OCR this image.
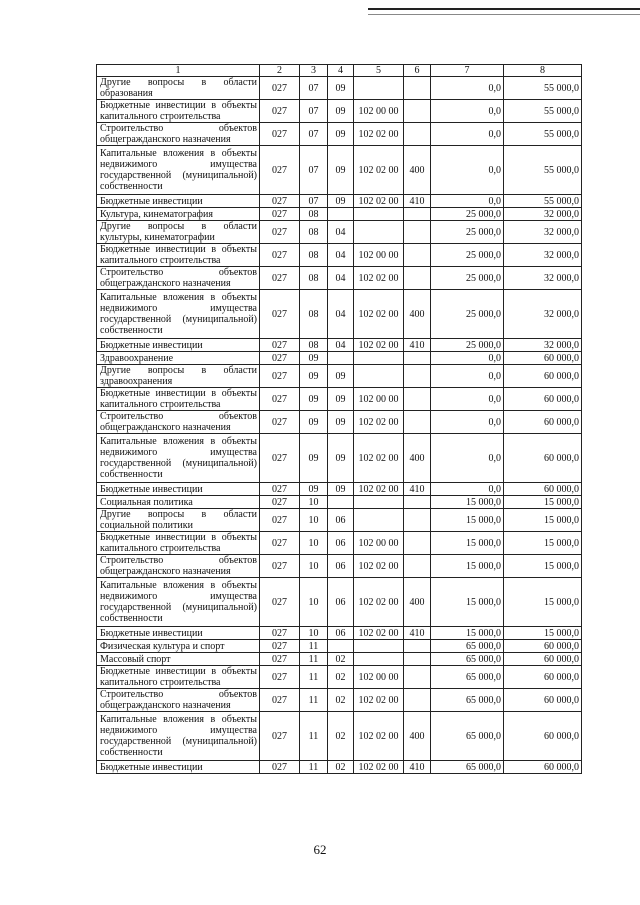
1	2	3	4	5	6	7	8
Другие вопросы в области образования	027	07	09			0,0	55 000,0
Бюджетные инвестиции в объекты капитального строительства	027	07	09	102 00 00		0,0	55 000,0
Строительство объектов общегражданского назначения	027	07	09	102 02 00		0,0	55 000,0
Капитальные вложения в объекты недвижимого имущества государственной (муниципальной) собственности	027	07	09	102 02 00	400	0,0	55 000,0
Бюджетные инвестиции	027	07	09	102 02 00	410	0,0	55 000,0
Культура, кинематография	027	08				25 000,0	32 000,0
Другие вопросы в области культуры, кинематографии	027	08	04			25 000,0	32 000,0
Бюджетные инвестиции в объекты капитального строительства	027	08	04	102 00 00		25 000,0	32 000,0
Строительство объектов общегражданского назначения	027	08	04	102 02 00		25 000,0	32 000,0
Капитальные вложения в объекты недвижимого имущества государственной (муниципальной) собственности	027	08	04	102 02 00	400	25 000,0	32 000,0
Бюджетные инвестиции	027	08	04	102 02 00	410	25 000,0	32 000,0
Здравоохранение	027	09				0,0	60 000,0
Другие вопросы в области здравоохранения	027	09	09			0,0	60 000,0
Бюджетные инвестиции в объекты капитального строительства	027	09	09	102 00 00		0,0	60 000,0
Строительство объектов общегражданского назначения	027	09	09	102 02 00		0,0	60 000,0
Капитальные вложения в объекты недвижимого имущества государственной (муниципальной) собственности	027	09	09	102 02 00	400	0,0	60 000,0
Бюджетные инвестиции	027	09	09	102 02 00	410	0,0	60 000,0
Социальная политика	027	10				15 000,0	15 000,0
Другие вопросы в области социальной политики	027	10	06			15 000,0	15 000,0
Бюджетные инвестиции в объекты капитального строительства	027	10	06	102 00 00		15 000,0	15 000,0
Строительство объектов общегражданского назначения	027	10	06	102 02 00		15 000,0	15 000,0
Капитальные вложения в объекты недвижимого имущества государственной (муниципальной) собственности	027	10	06	102 02 00	400	15 000,0	15 000,0
Бюджетные инвестиции	027	10	06	102 02 00	410	15 000,0	15 000,0
Физическая культура и спорт	027	11				65 000,0	60 000,0
Массовый спорт	027	11	02			65 000,0	60 000,0
Бюджетные инвестиции в объекты капитального строительства	027	11	02	102 00 00		65 000,0	60 000,0
Строительство объектов общегражданского назначения	027	11	02	102 02 00		65 000,0	60 000,0
Капитальные вложения в объекты недвижимого имущества государственной (муниципальной) собственности	027	11	02	102 02 00	400	65 000,0	60 000,0
Бюджетные инвестиции	027	11	02	102 02 00	410	65 000,0	60 000,0
62
